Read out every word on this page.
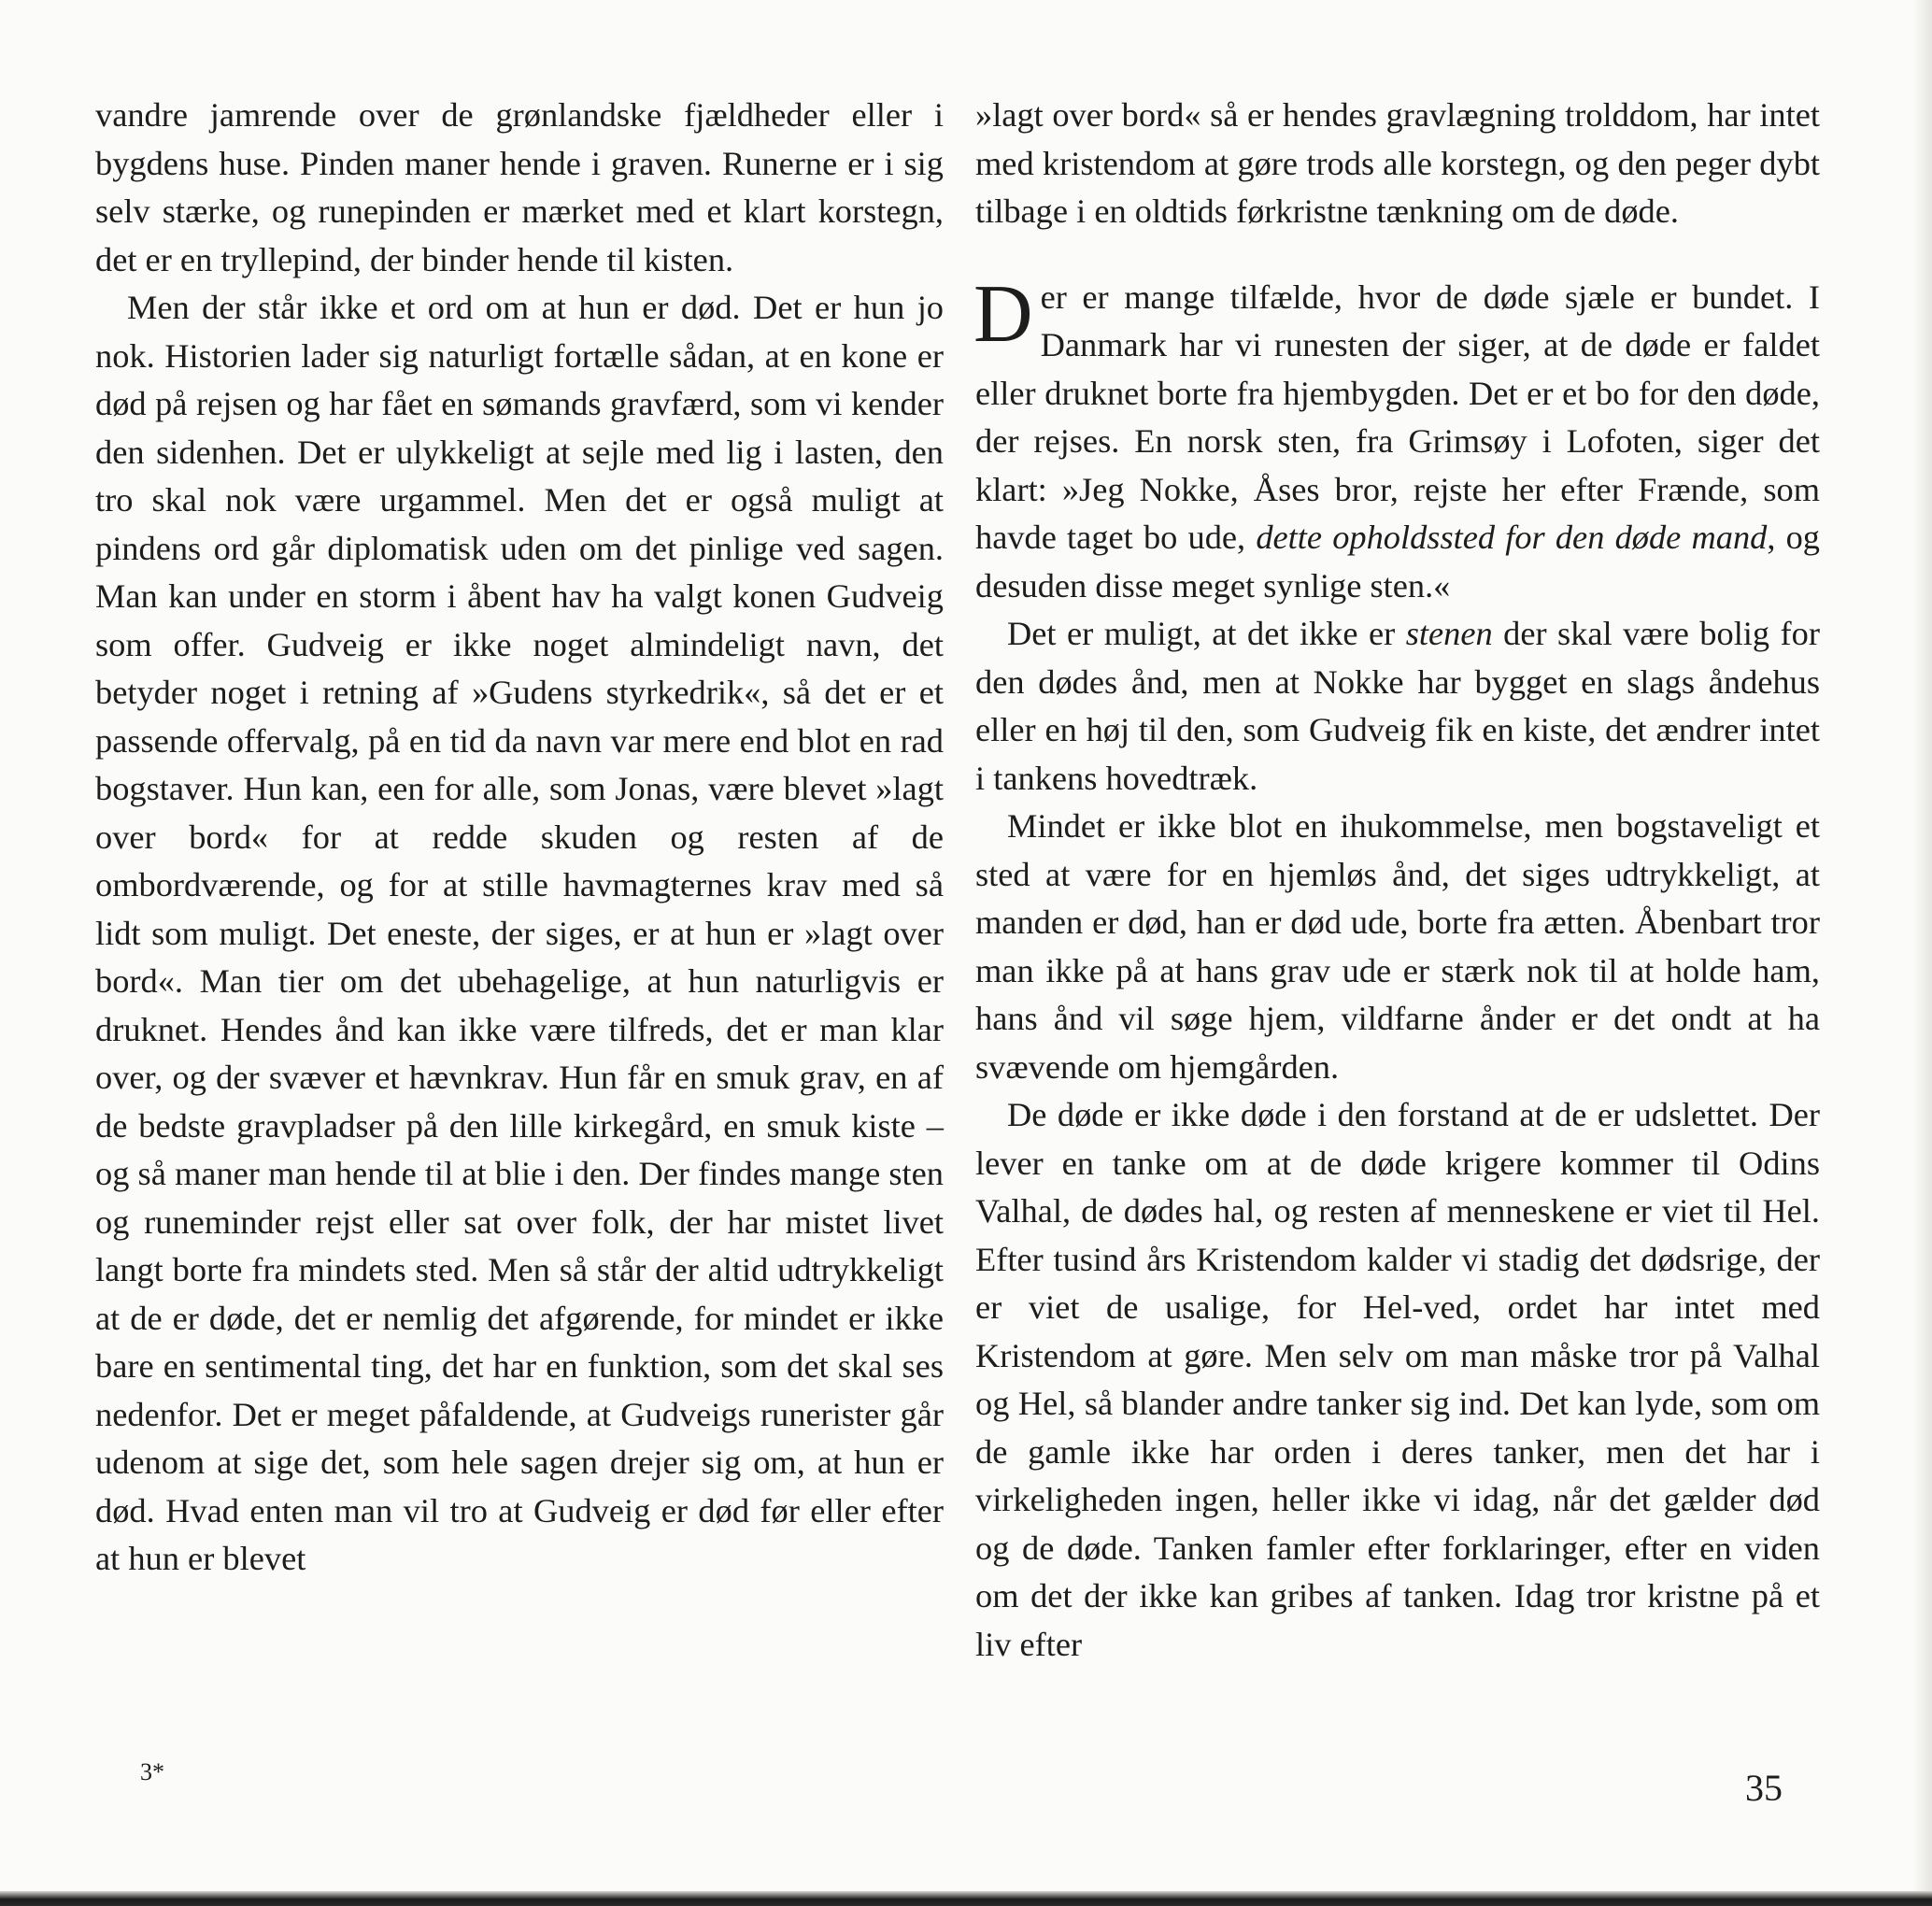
vandre jamrende over de grønlandske fjældheder eller i bygdens huse. Pinden maner hende i graven. Runerne er i sig selv stærke, og runepinden er mærket med et klart korstegn, det er en tryllepind, der binder hende til kisten.

Men der står ikke et ord om at hun er død. Det er hun jo nok. Historien lader sig naturligt fortælle sådan, at en kone er død på rejsen og har fået en sømands gravfærd, som vi kender den sidenhen. Det er ulykkeligt at sejle med lig i lasten, den tro skal nok være urgammel. Men det er også muligt at pindens ord går diplomatisk uden om det pinlige ved sagen. Man kan under en storm i åbent hav ha valgt konen Gudveig som offer. Gudveig er ikke noget almindeligt navn, det betyder noget i retning af »Gudens styrkedrik«, så det er et passende offervalg, på en tid da navn var mere end blot en rad bogstaver. Hun kan, een for alle, som Jonas, være blevet »lagt over bord« for at redde skuden og resten af de ombordværende, og for at stille havmagternes krav med så lidt som muligt. Det eneste, der siges, er at hun er »lagt over bord«. Man tier om det ubehagelige, at hun naturligvis er druknet. Hendes ånd kan ikke være tilfreds, det er man klar over, og der svæver et hævnkrav. Hun får en smuk grav, en af de bedste gravpladser på den lille kirkegård, en smuk kiste – og så maner man hende til at blie i den. Der findes mange sten og runeminder rejst eller sat over folk, der har mistet livet langt borte fra mindets sted. Men så står der altid udtrykkeligt at de er døde, det er nemlig det afgørende, for mindet er ikke bare en sentimental ting, det har en funktion, som det skal ses nedenfor. Det er meget påfaldende, at Gudveigs runerister går udenom at sige det, som hele sagen drejer sig om, at hun er død. Hvad enten man vil tro at Gudveig er død før eller efter at hun er blevet

»lagt over bord« så er hendes gravlægning trolddom, har intet med kristendom at gøre trods alle korstegn, og den peger dybt tilbage i en oldtids førkristne tænkning om de døde.

Der er mange tilfælde, hvor de døde sjæle er bundet. I Danmark har vi runesten der siger, at de døde er faldet eller druknet borte fra hjembygden. Det er et bo for den døde, der rejses. En norsk sten, fra Grimsøy i Lofoten, siger det klart: »Jeg Nokke, Åses bror, rejste her efter Frænde, som havde taget bo ude, dette opholdssted for den døde mand, og desuden disse meget synlige sten.«

Det er muligt, at det ikke er stenen der skal være bolig for den dødes ånd, men at Nokke har bygget en slags åndehus eller en høj til den, som Gudveig fik en kiste, det ændrer intet i tankens hovedtræk.

Mindet er ikke blot en ihukommelse, men bogstaveligt et sted at være for en hjemløs ånd, det siges udtrykkeligt, at manden er død, han er død ude, borte fra ætten. Åbenbart tror man ikke på at hans grav ude er stærk nok til at holde ham, hans ånd vil søge hjem, vildfarne ånder er det ondt at ha svævende om hjemgården.

De døde er ikke døde i den forstand at de er udslettet. Der lever en tanke om at de døde krigere kommer til Odins Valhal, de dødes hal, og resten af menneskene er viet til Hel. Efter tusind års Kristendom kalder vi stadig det dødsrige, der er viet de usalige, for Hel-ved, ordet har intet med Kristendom at gøre. Men selv om man måske tror på Valhal og Hel, så blander andre tanker sig ind. Det kan lyde, som om de gamle ikke har orden i deres tanker, men det har i virkeligheden ingen, heller ikke vi idag, når det gælder død og de døde. Tanken famler efter forklaringer, efter en viden om det der ikke kan gribes af tanken. Idag tror kristne på et liv efter

3*	35
